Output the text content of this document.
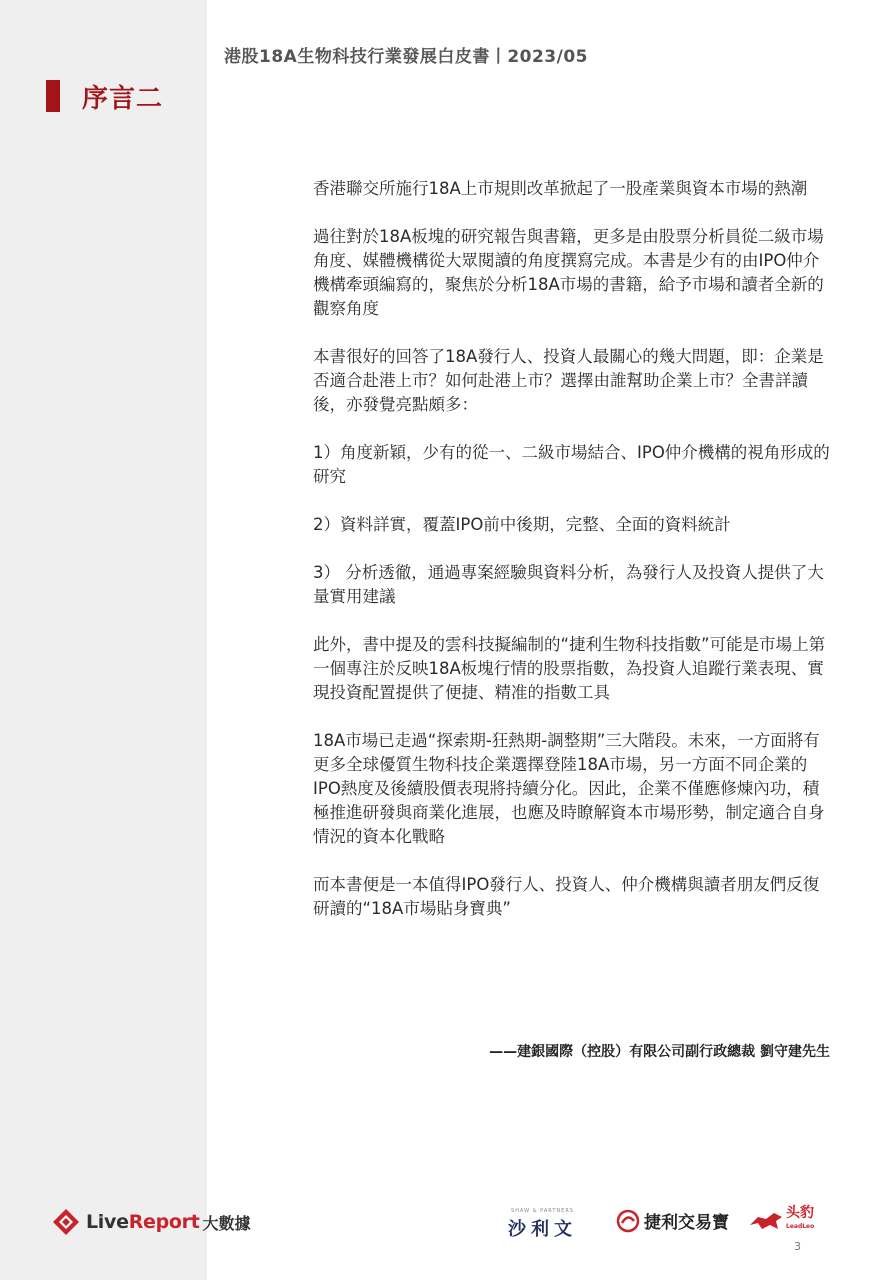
港股18A生物科技行業發展白皮書丨2023/05
序言二

香港聯交所施行18A上市規則改革掀起了一股產業與資本市場的熱潮

過往對於18A板塊的研究報告與書籍，更多是由股票分析員從二級市場角度、媒體機構從大眾閱讀的角度撰寫完成。本書是少有的由IPO仲介機構牽頭編寫的，聚焦於分析18A市場的書籍，給予市場和讀者全新的觀察角度

本書很好的回答了18A發行人、投資人最關心的幾大問題，即：企業是否適合赴港上市？如何赴港上市？選擇由誰幫助企業上市？全書詳讀後，亦發覺亮點頗多：

1）角度新穎，少有的從一、二級市場結合、IPO仲介機構的視角形成的研究

2）資料詳實，覆蓋IPO前中後期，完整、全面的資料統計

3） 分析透徹，通過專案經驗與資料分析，為發行人及投資人提供了大量實用建議

此外，書中提及的雲科技擬編制的“捷利生物科技指數”可能是市場上第一個專注於反映18A板塊行情的股票指數，為投資人追蹤行業表現、實現投資配置提供了便捷、精准的指數工具

18A市場已走過“探索期-狂熱期-調整期”三大階段。未來，一方面將有更多全球優質生物科技企業選擇登陸18A市場，另一方面不同企業的IPO熱度及後續股價表現將持續分化。因此，企業不僅應修煉內功，積極推進研發與商業化進展，也應及時瞭解資本市場形勢，制定適合自身情況的資本化戰略

而本書便是一本值得IPO發行人、投資人、仲介機構與讀者朋友們反復研讀的“18A市場貼身寶典”

——建銀國際（控股）有限公司副行政總裁 劉守建先生
LiveReport 大數據
SHAW & PARTNERS
沙利文	捷利交易寶	头豹
LeadLeo
3
